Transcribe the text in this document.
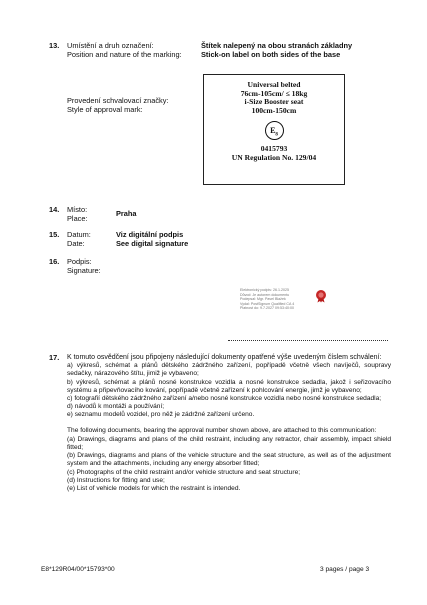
13. Umístění a druh označení:
Position and nature of the marking:
Štítek nalepený na obou stranách základny
Stick-on label on both sides of the base
Provedení schvalovací značky:
Style of approval mark:
Universal belted
76cm-105cm/ ≤ 18kg
i-Size Booster seat
100cm-150cm
$E_8$
0415793
UN Regulation No. 129/04
14. Místo:
Place:
Praha
15. Datum:
Date:
Viz digitální podpis
See digital signature
16. Podpis:
Signature:
Elektronický podpis: 26.1.2025
Důvod: Je autorem dokumentu
Podepsal: Mgr. Pavel Blažek
Vydal: PostSignum Qualified CA 4
Platnost do: 9.7.2027 09:53:40:00
17. K tomuto osvědčení jsou připojeny následující dokumenty opatřené výše uvedeným číslem schválení:
a) výkresů, schémat a plánů dětského zádržného zařízení, popřípadě včetně všech navíječů, soupravy sedačky, nárazového štítu, jimiž je vybaveno;
b) výkresů, schémat a plánů nosné konstrukce vozidla a nosné konstrukce sedadla, jakož i seřizovacího systému a připevňovacího kování, popřípadě včetně zařízení k pohlcování energie, jimž je vybaveno;
c) fotografií dětského zádržného zařízení a/nebo nosné konstrukce vozidla nebo nosné konstrukce sedadla;
d) návodů k montáži a používání;
e) seznamu modelů vozidel, pro něž je zádržné zařízení určeno.
The following documents, bearing the approval number shown above, are attached to this communication:
(a) Drawings, diagrams and plans of the child restraint, including any retractor, chair assembly, impact shield fitted;
(b) Drawings, diagrams and plans of the vehicle structure and the seat structure, as well as of the adjustment system and the attachments, including any energy absorber fitted;
(c) Photographs of the child restraint and/or vehicle structure and seat structure;
(d) Instructions for fitting and use;
(e) List of vehicle models for which the restraint is intended.
E8*129R04/00*15793*00	3 pages / page 3
